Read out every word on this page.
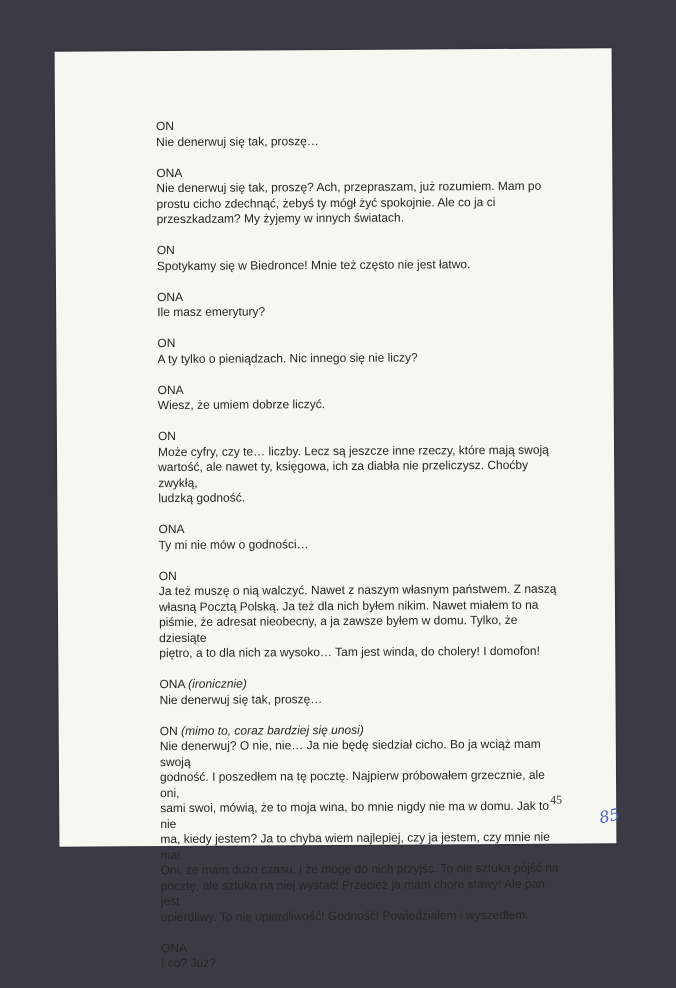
ON
Nie denerwuj się tak, proszę…
ONA
Nie denerwuj się tak, proszę? Ach, przepraszam, już rozumiem. Mam po
prostu cicho zdechnąć, żebyś ty mógł żyć spokojnie. Ale co ja ci
przeszkadzam? My żyjemy w innych światach.
ON
Spotykamy się w Biedronce! Mnie też często nie jest łatwo.
ONA
Ile masz emerytury?
ON
A ty tylko o pieniądzach. Nic innego się nie liczy?
ONA
Wiesz, że umiem dobrze liczyć.
ON
Może cyfry, czy te… liczby. Lecz są jeszcze inne rzeczy, które mają swoją
wartość, ale nawet ty, księgowa, ich za diabła nie przeliczysz. Choćby zwykłą,
ludzką godność.
ONA
Ty mi nie mów o godności…
ON
Ja też muszę o nią walczyć. Nawet z naszym własnym państwem. Z naszą
własną Pocztą Polską. Ja też dla nich byłem nikim. Nawet miałem to na
piśmie, że adresat nieobecny, a ja zawsze byłem w domu. Tylko, że dziesiąte
piętro, a to dla nich za wysoko… Tam jest winda, do cholery! I domofon!
ONA (ironicznie)
Nie denerwuj się tak, proszę…
ON (mimo to, coraz bardziej się unosi)
Nie denerwuj? O nie, nie… Ja nie będę siedział cicho. Bo ja wciąż mam swoją
godność. I poszedłem na tę pocztę. Najpierw próbowałem grzecznie, ale oni,
sami swoi, mówią, że to moja wina, bo mnie nigdy nie ma w domu. Jak to nie
ma, kiedy jestem? Ja to chyba wiem najlepiej, czy ja jestem, czy mnie nie ma!
Oni, że mam dużo czasu, i że mogę do nich przyjść. To nie sztuka pójść na
pocztę, ale sztuka na niej wystać! Przecież ja mam chore stawy! Ale pan jest
upierdliwy. To nie upierdliwość! Godność! Powiedziałem i wyszedłem.
ONA
I co? Już?
45
85
